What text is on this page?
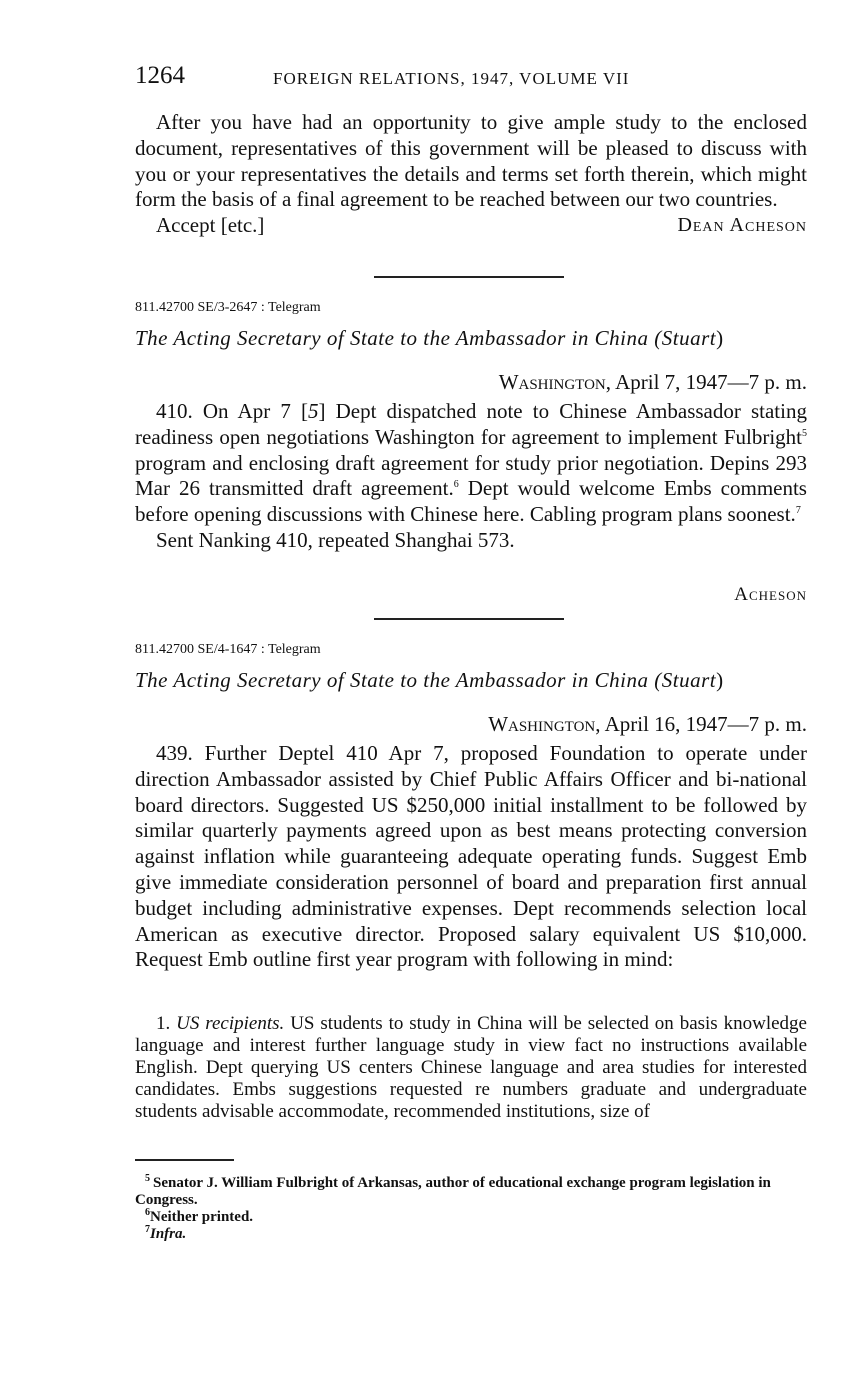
1264	FOREIGN RELATIONS, 1947, VOLUME VII

After you have had an opportunity to give ample study to the enclosed document, representatives of this government will be pleased to discuss with you or your representatives the details and terms set forth therein, which might form the basis of a final agreement to be reached between our two countries.

Accept [etc.]	Dean Acheson
811.42700 SE/3-2647 : Telegram
The Acting Secretary of State to the Ambassador in China (Stuart)
Washington, April 7, 1947—7 p. m.

410. On Apr 7 [5] Dept dispatched note to Chinese Ambassador stating readiness open negotiations Washington for agreement to implement Fulbright$^5$ program and enclosing draft agreement for study prior negotiation. Depins 293 Mar 26 transmitted draft agreement.$^6$ Dept would welcome Embs comments before opening discussions with Chinese here. Cabling program plans soonest.$^7$

Sent Nanking 410, repeated Shanghai 573.

Acheson
811.42700 SE/4-1647 : Telegram
The Acting Secretary of State to the Ambassador in China (Stuart)
Washington, April 16, 1947—7 p. m.

439. Further Deptel 410 Apr 7, proposed Foundation to operate under direction Ambassador assisted by Chief Public Affairs Officer and bi-national board directors. Suggested US $250,000 initial installment to be followed by similar quarterly payments agreed upon as best means protecting conversion against inflation while guaranteeing adequate operating funds. Suggest Emb give immediate consideration personnel of board and preparation first annual budget including administrative expenses. Dept recommends selection local American as executive director. Proposed salary equivalent US $10,000. Request Emb outline first year program with following in mind:

1. US recipients. US students to study in China will be selected on basis knowledge language and interest further language study in view fact no instructions available English. Dept querying US centers Chinese language and area studies for interested candidates. Embs suggestions requested re numbers graduate and undergraduate students advisable accommodate, recommended institutions, size of

$^5$  Senator J. William Fulbright of Arkansas, author of educational exchange program legislation in Congress.

$^6$Neither printed.

$^7$Infra.
